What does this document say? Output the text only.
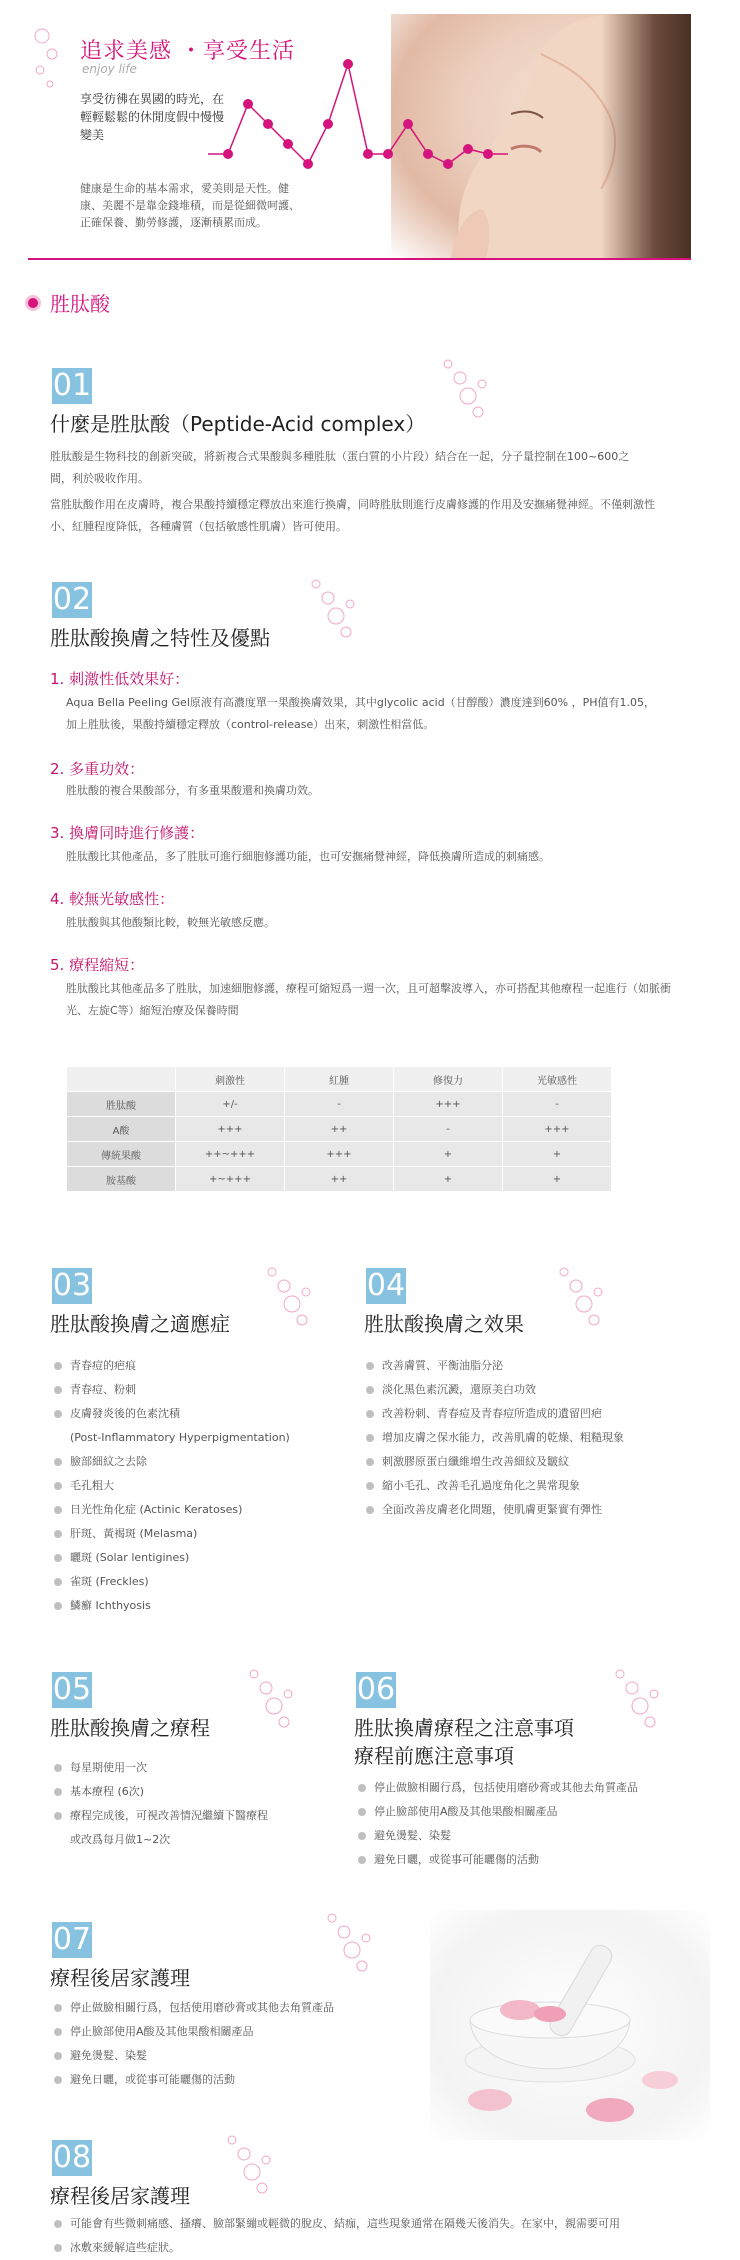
追求美感 ・享受生活
enjoy life
享受彷彿在異國的時光，在輕輕鬆鬆的休閒度假中慢慢變美
健康是生命的基本需求，愛美則是天性。健康、美麗不是靠金錢堆積，而是從細微呵護、正確保養、勤勞修護，逐漸積累而成。
胜肽酸
01
什麼是胜肽酸（Peptide-Acid complex）
胜肽酸是生物科技的創新突破，將新複合式果酸與多種胜肽（蛋白質的小片段）結合在一起，分子量控制在100~600之間，利於吸收作用。
當胜肽酸作用在皮膚時，複合果酸持續穩定釋放出來進行換膚，同時胜肽則進行皮膚修護的作用及安撫痛覺神經。不僅刺激性小、紅腫程度降低，各種膚質（包括敏感性肌膚）皆可使用。
02
胜肽酸換膚之特性及優點
1. 刺激性低效果好：
Aqua Bella Peeling Gel原液有高濃度單一果酸換膚效果，其中glycolic acid（甘醇酸）濃度達到60% ，PH值有1.05，加上胜肽後，果酸持續穩定釋放（control-release）出來，刺激性相當低。
2. 多重功效：
胜肽酸的複合果酸部分，有多重果酸還和換膚功效。
3. 換膚同時進行修護：
胜肽酸比其他產品，多了胜肽可進行細胞修護功能，也可安撫痛覺神經，降低換膚所造成的刺痛感。
4. 較無光敏感性：
胜肽酸與其他酸類比較，較無光敏感反應。
5. 療程縮短：
胜肽酸比其他產品多了胜肽，加速細胞修護，療程可縮短爲一週一次，且可超擊波導入，亦可搭配其他療程一起進行（如脈衝光、左旋C等）縮短治療及保養時間
	刺激性	紅腫	修復力	光敏感性
胜肽酸	+/-	-	+++	-
A酸	+++	++	-	+++
傳統果酸	++~+++	+++	+	+
胺基酸	+~+++	++	+	+
03
胜肽酸換膚之適應症
青春痘的疤痕
青春痘、粉刺
皮膚發炎後的色素沈積
(Post-Inflammatory Hyperpigmentation)
臉部細紋之去除
毛孔粗大
日光性角化症 (Actinic Keratoses)
肝斑、黃褐斑 (Melasma)
曬斑 (Solar lentigines)
雀斑 (Freckles)
鱗癬 Ichthyosis
04
胜肽酸換膚之效果
改善膚質、平衡油脂分泌
淡化黑色素沉澱，還原美白功效
改善粉刺、青春痘及青春痘所造成的遺留凹疤
增加皮膚之保水能力，改善肌膚的乾燥、粗糙現象
刺激膠原蛋白纖維增生改善細紋及皺紋
縮小毛孔、改善毛孔過度角化之異常現象
全面改善皮膚老化問題，使肌膚更緊實有彈性
05
胜肽酸換膚之療程
每星期使用一次
基本療程 (6次)
療程完成後，可視改善情況繼續下醫療程
或改爲每月做1~2次
06
胜肽換膚療程之注意事項
療程前應注意事項
停止做臉相關行爲，包括使用磨砂膏或其他去角質產品
停止臉部使用A酸及其他果酸相關產品
避免燙髮、染髮
避免日曬，或從事可能曬傷的活動
07
療程後居家護理
停止做臉相關行爲，包括使用磨砂膏或其他去角質產品
停止臉部使用A酸及其他果酸相關產品
避免燙髮、染髮
避免日曬，或從事可能曬傷的活動
08
療程後居家護理
可能會有些微刺痛感、搔癢、臉部緊繃或輕微的脫皮、結痂，這些現象通常在隔幾天後消失。在家中，親需要可用
冰敷來緩解這些症狀。
